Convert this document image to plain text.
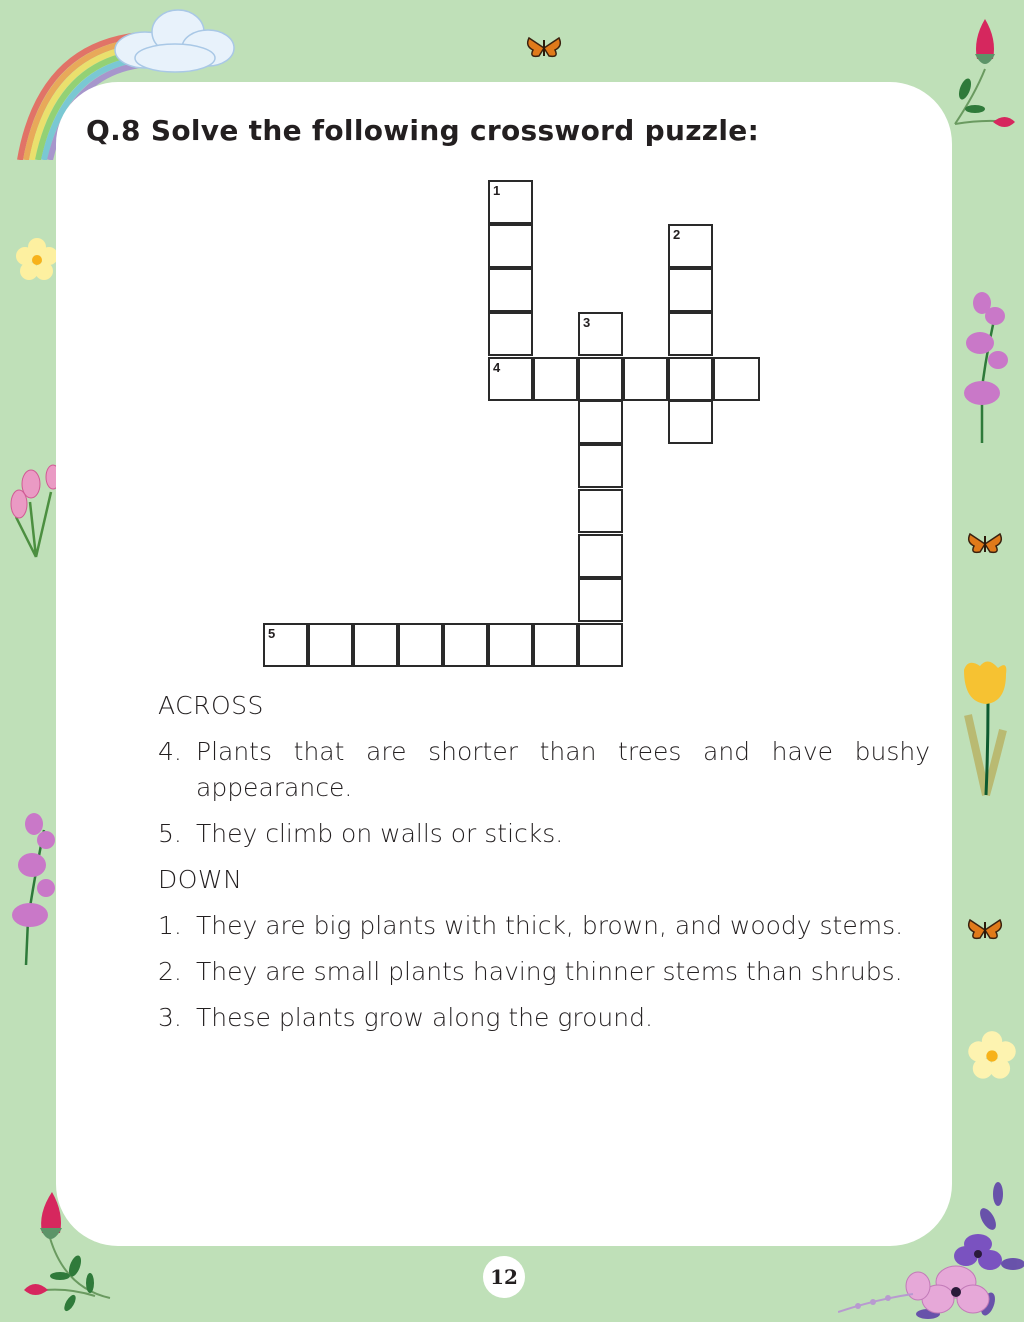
Q.8 Solve the following crossword puzzle:
1
4
2
3
5

ACROSS

4. Plants that are shorter than trees and have bushy appearance.

5. They climb on walls or sticks.

DOWN

1. They are big plants with thick, brown, and woody stems.

2. They are small plants having thinner stems than shrubs.

3. These plants grow along the ground.

12
